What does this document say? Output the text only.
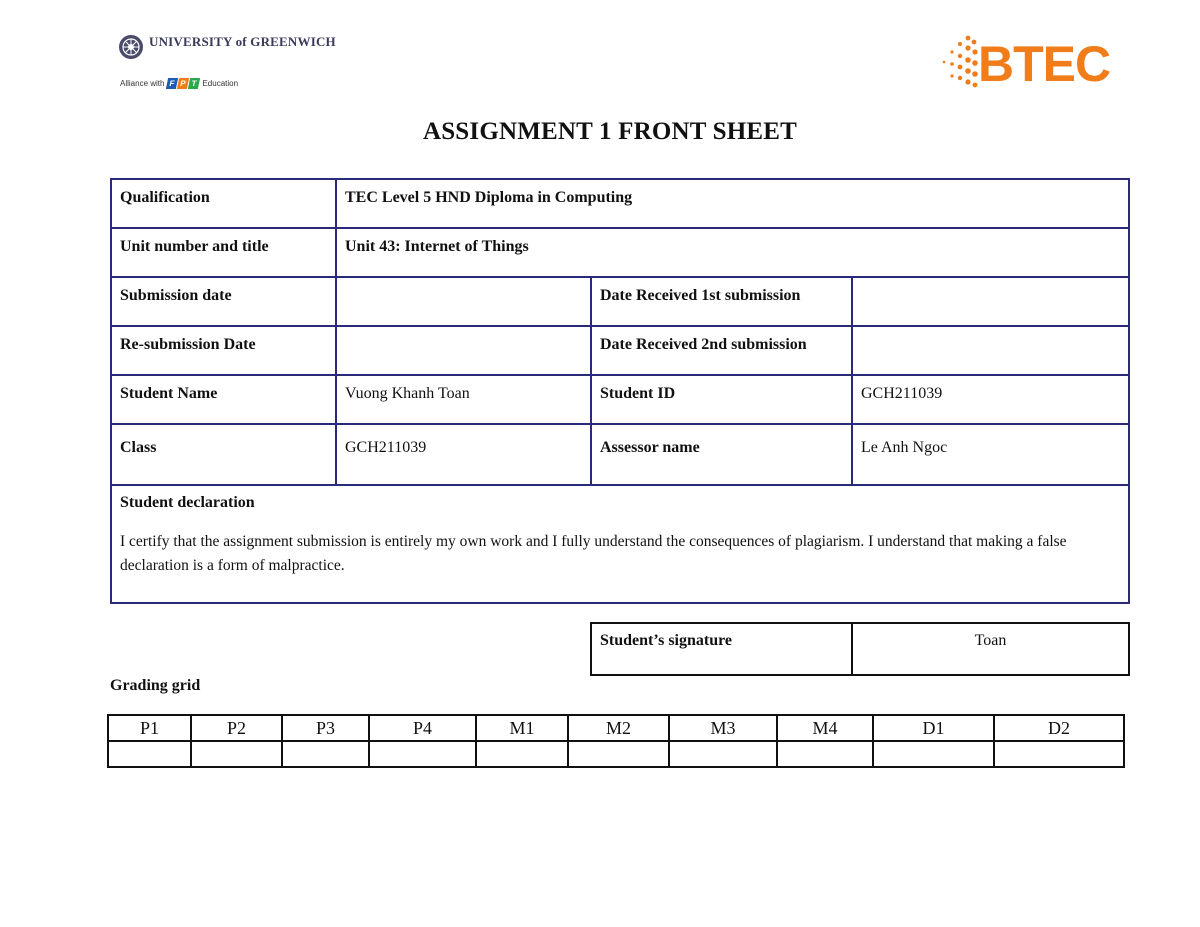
UNIVERSITY of GREENWICH
Alliance with F P T Education	BTEC
ASSIGNMENT 1 FRONT SHEET
Qualification	TEC Level 5 HND Diploma in Computing		
Unit number and title	Unit 43: Internet of Things		
Submission date		Date Received 1st submission	
Re-submission Date		Date Received 2nd submission	
Student Name	Vuong Khanh Toan	Student ID	GCH211039
Class	GCH211039	Assessor name	Le Anh Ngoc

Student declaration
I certify that the assignment submission is entirely my own work and I fully understand the consequences of plagiarism. I understand that making a false declaration is a form of malpractice.			
Student’s signature	Toan
Grading grid
P1	P2	P3	P4	M1	M2	M3	M4	D1	D2
